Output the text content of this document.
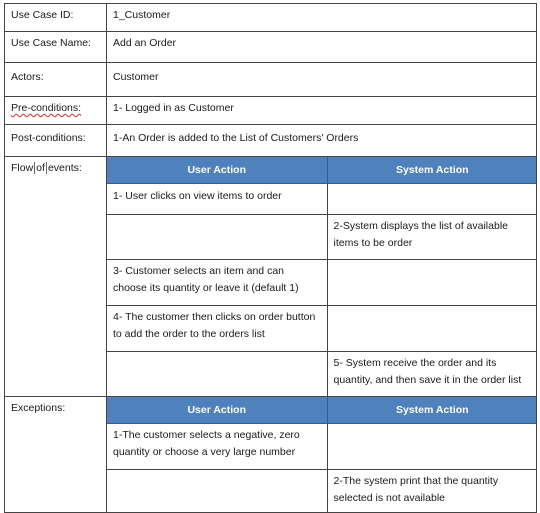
Use Case ID:	1_Customer
Use Case Name:	Add an Order
Actors:	Customer
Pre-conditions:	1- Logged in as Customer
Post-conditions:	1-An Order is added to the List of Customers' Orders
Flow of events:		User Action	System Action
1- User clicks on view items to order	
	2-System displays the list of available items to be order
3- Customer selects an item and can choose its quantity or leave it (default 1)	
4- The customer then clicks on order button to add the order to the orders list	
	5- System receive the order and its quantity, and then save it in the order list

Exceptions:		User Action	System Action
1-The customer selects a negative, zero quantity or choose a very large number	
	2-The system print that the quantity selected is not available
